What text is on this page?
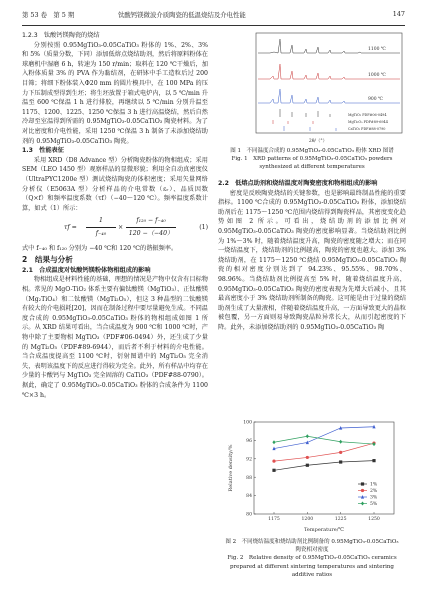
第 53 卷　第 5 期	钛酸钙镁微波介质陶瓷的低温烧结及介电性能	147

1.2.3　钛酸钙镁陶瓷的烧结

分别按照 0.95MgTiO₃-0.05CaTiO₃ 粉体的 1%、2%、3% 和 5%（质量分数，下同）添加低熔点烧结助剂，然后将原料粉体在球磨机中湿磨 6 h，转速为 150 r/min；取料在 120 ℃干燥后，加入粉体质量 3% 的 PVA 作为黏结剂，在研钵中手工造粒后过 200 目筛；将细下粉体装入Φ20 mm 的圆片模具中，在 100 MPa 的压力下压制成型得到生坯；将生坯放置于箱式电炉内，以 5 ℃/min 升温至 600 ℃保温 1 h 进行排胶，再继续以 5 ℃/min 分别升温至 1175、1200、1225、1250 ℃保温 3 h 进行高温烧结，然后自然冷却至室温得到所需的 0.95MgTiO₃-0.05CaTiO₃ 陶瓷材料。为了对比密度和介电性能，采用 1250 ℃保温 3 h 制备了未添加烧结助剂的 0.95MgTiO₃-0.05CaTiO₃ 陶瓷。

1.3　性能表征

采用 XRD（D8 Advance 型）分析陶瓷粉体的物相组成；采用 SEM（LEO 1450 型）观察样品的显微形貌；利用全自动真密度仪（UltraPYC1200e 型）测试烧结陶瓷的体积密度；采用矢量网络分析仪（E5063A 型）分析样品的介电常数（εᵣ）、品质因数（Q×f）和频率温度系数（τf）（−40～120 ℃）。频率温度系数计算，如式（1）所示：

τf =
1
f₋₄₀
×
f₁₂₀ − f₋₄₀
120 −（−40）
(1)

式中 f₋₄₀ 和 f₁₂₀ 分别为 −40 ℃和 120 ℃的谐振频率。

2　结果与分析

2.1　合成温度对钛酸钙镁粉体物相组成的影响

物相组成是材料性能的基础，理想的情况是产物中仅含有目标物相。常见的 MgO-TiO₂ 体系主要有偏钛酸镁（MgTiO₃）、正钛酸镁（Mg₂TiO₄）和二钛酸镁（MgTi₂O₅），但这 3 种晶型的二钛酸镁有较大的介电损耗[20]，因而在制备过程中要尽量避免生成。不同温度合成的 0.95MgTiO₃-0.05CaTiO₃ 粉体的物相组成如图 1 所示。从 XRD 结果可看出，当合成温度为 900 ℃和 1000 ℃时，产物中除了主要物相 MgTiO₃（PDF#06-0494）外，还生成了少量的 MgTi₂O₅（PDF#89-6944），而后者不利于材料的介电性能。当合成温度提高至 1100 ℃时，衍射图谱中的 MgTi₂O₅ 完全消失，表明该温度下的反应进行得较为完全。此外，所有样品中均存在少量的卡酸钙与 MgTiO₃ 完全固溶的 CaTiO₃（PDF#88-0790）。据此，确定了 0.95MgTiO₃-0.05CaTiO₃ 粉体的合成条件为 1100 ℃×3 h。

1100 ℃
1000 ℃
900 ℃
MgTiO₃ PDF#06-0494
MgTi₂O₅ PDF#89-6944
CaTiO₃ PDF#88-0790
2θ/（°）
图 1　不同温度合成的 0.95MgTiO₃-0.05CaTiO₃ 粉体 XRD 图谱
Fig. 1　XRD patterns of 0.95MgTiO₃-0.05CaTiO₃ powders
synthesized at different temperatures

2.2　低熔点助剂和烧结温度对陶瓷密度和物相组成的影响

密度是反映陶瓷烧结的关键参数，也是影响最终制品性能的重要指标。1100 ℃合成的 0.95MgTiO₃-0.05CaTiO₃ 粉体，添加烧结助剂后在 1175～1250 ℃范围内烧结得到陶瓷样品，其密度变化趋势如图 2 所示。可看出，烧结助剂的添加比例对 0.95MgTiO₃-0.05CaTiO₃ 陶瓷的密度影响显著。当烧结助剂比例为 1%～3% 时，随着烧结温度升高，陶瓷的密度随之增大；而在同一烧结温度下，烧结助剂的比例越高，陶瓷的密度也越大。添加 3% 烧结助剂，在 1175～1250 ℃烧结 0.95MgTiO₃-0.05CaTiO₃ 陶瓷的相对密度分别达到了 94.23%、95.55%、98.70%、98.96%。当烧结助剂比例提高至 5% 时，随着烧结温度升高，0.95MgTiO₃-0.05CaTiO₃ 陶瓷的密度表现为先增大后减小，且其最高密度小于 3% 烧结助剂所制备的陶瓷。这可能是由于过量的烧结助剂生成了大量液相，伴随着烧结温度升高，一方面导致更大的晶粒被包覆，另一方面则易导致陶瓷晶粒异常长大，从而引起密度的下降。此外，未添加烧结助剂的 0.95MgTiO₃-0.05CaTiO₃ 陶

Relative density/%
Temperature/℃
80
84
88
92
96
100
1175	1200	1225	1250
1%
2%
3%
5%
图 2　不同烧结温度和烧结助剂比例制备的 0.95MgTiO₃-0.05CaTiO₃
陶瓷相对密度
Fig. 2　Relative density of 0.95MgTiO₃-0.05CaTiO₃ ceramics
prepared at different sintering temperatures and sintering additive ratios
